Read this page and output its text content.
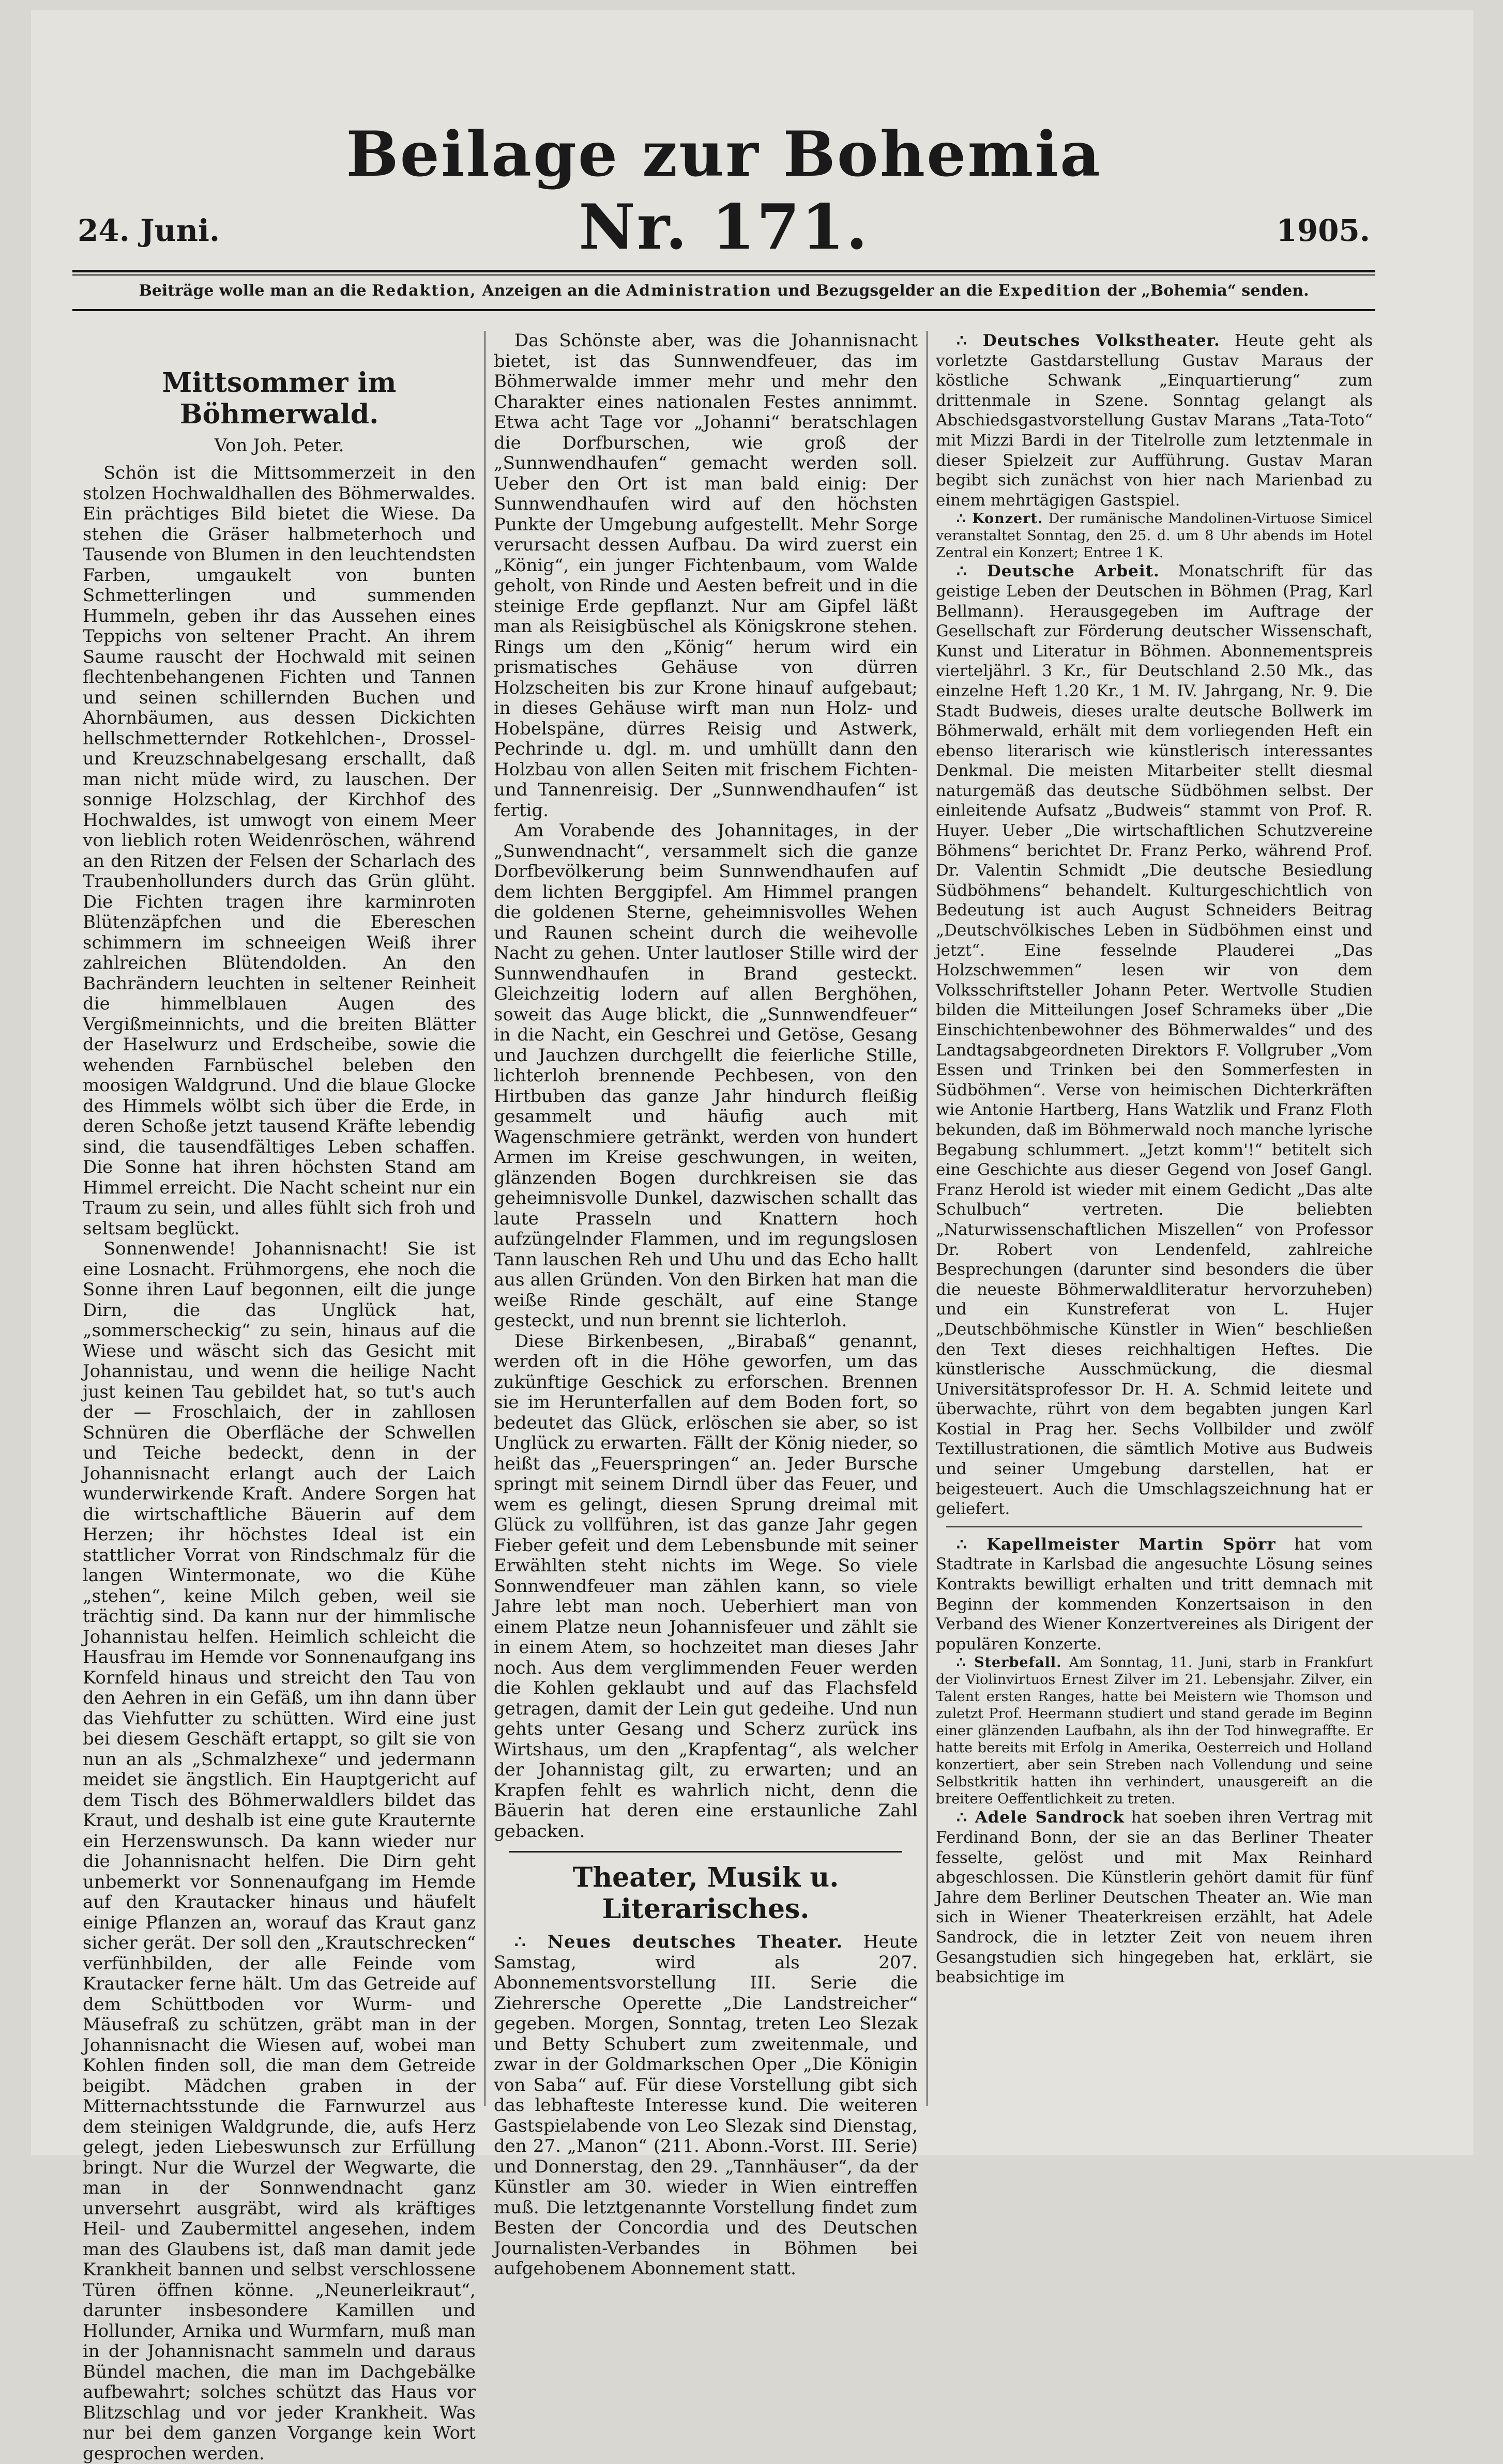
24. Juni.
Beilage zur Bohemia Nr. 171.	1905.
Beiträge wolle man an die Redaktion, Anzeigen an die Administration und Bezugsgelder an die Expedition der „Bohemia“ senden.
Mittsommer im Böhmerwald.
Von Joh. Peter.

Schön ist die Mittsommerzeit in den stolzen Hochwaldhallen des Böhmerwaldes. Ein prächtiges Bild bietet die Wiese. Da stehen die Gräser halbmeterhoch und Tausende von Blumen in den leuchtendsten Farben, umgaukelt von bunten Schmetterlingen und summenden Hummeln, geben ihr das Aussehen eines Teppichs von seltener Pracht. An ihrem Saume rauscht der Hochwald mit seinen flechtenbehangenen Fichten und Tannen und seinen schillernden Buchen und Ahornbäumen, aus dessen Dickichten hellschmetternder Rotkehlchen-, Drossel- und Kreuzschnabelgesang erschallt, daß man nicht müde wird, zu lauschen. Der sonnige Holzschlag, der Kirchhof des Hochwaldes, ist umwogt von einem Meer von lieblich roten Weidenröschen, während an den Ritzen der Felsen der Scharlach des Traubenhollunders durch das Grün glüht. Die Fichten tragen ihre karminroten Blütenzäpfchen und die Ebereschen schimmern im schneeigen Weiß ihrer zahlreichen Blütendolden. An den Bachrändern leuchten in seltener Reinheit die himmelblauen Augen des Vergißmeinnichts, und die breiten Blätter der Haselwurz und Erdscheibe, sowie die wehenden Farnbüschel beleben den moosigen Waldgrund. Und die blaue Glocke des Himmels wölbt sich über die Erde, in deren Schoße jetzt tausend Kräfte lebendig sind, die tausendfältiges Leben schaffen. Die Sonne hat ihren höchsten Stand am Himmel erreicht. Die Nacht scheint nur ein Traum zu sein, und alles fühlt sich froh und seltsam beglückt.

Sonnenwende! Johannisnacht! Sie ist eine Losnacht. Frühmorgens, ehe noch die Sonne ihren Lauf begonnen, eilt die junge Dirn, die das Unglück hat, „sommerscheckig“ zu sein, hinaus auf die Wiese und wäscht sich das Gesicht mit Johannistau, und wenn die heilige Nacht just keinen Tau gebildet hat, so tut's auch der — Froschlaich, der in zahllosen Schnüren die Oberfläche der Schwellen und Teiche bedeckt, denn in der Johannisnacht erlangt auch der Laich wunderwirkende Kraft. Andere Sorgen hat die wirtschaftliche Bäuerin auf dem Herzen; ihr höchstes Ideal ist ein stattlicher Vorrat von Rindschmalz für die langen Wintermonate, wo die Kühe „stehen“, keine Milch geben, weil sie trächtig sind. Da kann nur der himmlische Johannistau helfen. Heimlich schleicht die Hausfrau im Hemde vor Sonnenaufgang ins Kornfeld hinaus und streicht den Tau von den Aehren in ein Gefäß, um ihn dann über das Viehfutter zu schütten. Wird eine just bei diesem Geschäft ertappt, so gilt sie von nun an als „Schmalzhexe“ und jedermann meidet sie ängstlich. Ein Hauptgericht auf dem Tisch des Böhmerwaldlers bildet das Kraut, und deshalb ist eine gute Krauternte ein Herzenswunsch. Da kann wieder nur die Johannisnacht helfen. Die Dirn geht unbemerkt vor Sonnenaufgang im Hemde auf den Krautacker hinaus und häufelt einige Pflanzen an, worauf das Kraut ganz sicher gerät. Der soll den „Krautschrecken“ verfünhbilden, der alle Feinde vom Krautacker ferne hält. Um das Getreide auf dem Schüttboden vor Wurm- und Mäusefraß zu schützen, gräbt man in der Johannisnacht die Wiesen auf, wobei man Kohlen finden soll, die man dem Getreide beigibt. Mädchen graben in der Mitternachtsstunde die Farnwurzel aus dem steinigen Waldgrunde, die, aufs Herz gelegt, jeden Liebeswunsch zur Erfüllung bringt. Nur die Wurzel der Wegwarte, die man in der Sonnwendnacht ganz unversehrt ausgräbt, wird als kräftiges Heil- und Zaubermittel angesehen, indem man des Glaubens ist, daß man damit jede Krankheit bannen und selbst verschlossene Türen öffnen könne. „Neunerleikraut“, darunter insbesondere Kamillen und Hollunder, Arnika und Wurmfarn, muß man in der Johannisnacht sammeln und daraus Bündel machen, die man im Dachgebälke aufbewahrt; solches schützt das Haus vor Blitzschlag und vor jeder Krankheit. Was nur bei dem ganzen Vorgange kein Wort gesprochen werden.

Das Schönste aber, was die Johannisnacht bietet, ist das Sunnwendfeuer, das im Böhmerwalde immer mehr und mehr den Charakter eines nationalen Festes annimmt. Etwa acht Tage vor „Johanni“ beratschlagen die Dorfburschen, wie groß der „Sunnwendhaufen“ gemacht werden soll. Ueber den Ort ist man bald einig: Der Sunnwendhaufen wird auf den höchsten Punkte der Umgebung aufgestellt. Mehr Sorge verursacht dessen Aufbau. Da wird zuerst ein „König“, ein junger Fichtenbaum, vom Walde geholt, von Rinde und Aesten befreit und in die steinige Erde gepflanzt. Nur am Gipfel läßt man als Reisigbüschel als Königskrone stehen. Rings um den „König“ herum wird ein prismatisches Gehäuse von dürren Holzscheiten bis zur Krone hinauf aufgebaut; in dieses Gehäuse wirft man nun Holz- und Hobelspäne, dürres Reisig und Astwerk, Pechrinde u. dgl. m. und umhüllt dann den Holzbau von allen Seiten mit frischem Fichten- und Tannenreisig. Der „Sunnwendhaufen“ ist fertig.

Am Vorabende des Johannitages, in der „Sunwendnacht“, versammelt sich die ganze Dorfbevölkerung beim Sunnwendhaufen auf dem lichten Berggipfel. Am Himmel prangen die goldenen Sterne, geheimnisvolles Wehen und Raunen scheint durch die weihevolle Nacht zu gehen. Unter lautloser Stille wird der Sunnwendhaufen in Brand gesteckt. Gleichzeitig lodern auf allen Berghöhen, soweit das Auge blickt, die „Sunnwendfeuer“ in die Nacht, ein Geschrei und Getöse, Gesang und Jauchzen durchgellt die feierliche Stille, lichterloh brennende Pechbesen, von den Hirtbuben das ganze Jahr hindurch fleißig gesammelt und häufig auch mit Wagenschmiere getränkt, werden von hundert Armen im Kreise geschwungen, in weiten, glänzenden Bogen durchkreisen sie das geheimnisvolle Dunkel, dazwischen schallt das laute Prasseln und Knattern hoch aufzüngelnder Flammen, und im regungslosen Tann lauschen Reh und Uhu und das Echo hallt aus allen Gründen. Von den Birken hat man die weiße Rinde geschält, auf eine Stange gesteckt, und nun brennt sie lichterloh.

Diese Birkenbesen, „Birabaß“ genannt, werden oft in die Höhe geworfen, um das zukünftige Geschick zu erforschen. Brennen sie im Herunterfallen auf dem Boden fort, so bedeutet das Glück, erlöschen sie aber, so ist Unglück zu erwarten. Fällt der König nieder, so heißt das „Feuerspringen“ an. Jeder Bursche springt mit seinem Dirndl über das Feuer, und wem es gelingt, diesen Sprung dreimal mit Glück zu vollführen, ist das ganze Jahr gegen Fieber gefeit und dem Lebensbunde mit seiner Erwählten steht nichts im Wege. So viele Sonnwendfeuer man zählen kann, so viele Jahre lebt man noch. Ueberhiert man von einem Platze neun Johannisfeuer und zählt sie in einem Atem, so hochzeitet man dieses Jahr noch. Aus dem verglimmenden Feuer werden die Kohlen geklaubt und auf das Flachsfeld getragen, damit der Lein gut gedeihe. Und nun gehts unter Gesang und Scherz zurück ins Wirtshaus, um den „Krapfentag“, als welcher der Johannistag gilt, zu erwarten; und an Krapfen fehlt es wahrlich nicht, denn die Bäuerin hat deren eine erstaunliche Zahl gebacken.

Theater, Musik u. Literarisches.

∴ Neues deutsches Theater. Heute Samstag, wird als 207. Abonnementsvorstellung III. Serie die Ziehrersche Operette „Die Landstreicher“ gegeben. Morgen, Sonntag, treten Leo Slezak und Betty Schubert zum zweitenmale, und zwar in der Goldmarkschen Oper „Die Königin von Saba“ auf. Für diese Vorstellung gibt sich das lebhafteste Interesse kund. Die weiteren Gastspielabende von Leo Slezak sind Dienstag, den 27. „Manon“ (211. Abonn.-Vorst. III. Serie) und Donnerstag, den 29. „Tannhäuser“, da der Künstler am 30. wieder in Wien eintreffen muß. Die letztgenannte Vorstellung findet zum Besten der Concordia und des Deutschen Journalisten-Verbandes in Böhmen bei aufgehobenem Abonnement statt.

∴ Deutsches Volkstheater. Heute geht als vorletzte Gastdarstellung Gustav Maraus der köstliche Schwank „Einquartierung“ zum drittenmale in Szene. Sonntag gelangt als Abschiedsgastvorstellung Gustav Marans „Tata-Toto“ mit Mizzi Bardi in der Titelrolle zum letztenmale in dieser Spielzeit zur Aufführung. Gustav Maran begibt sich zunächst von hier nach Marienbad zu einem mehrtägigen Gastspiel.

∴ Konzert. Der rumänische Mandolinen-Virtuose Simicel veranstaltet Sonntag, den 25. d. um 8 Uhr abends im Hotel Zentral ein Konzert; Entree 1 K.

∴ Deutsche Arbeit. Monatschrift für das geistige Leben der Deutschen in Böhmen (Prag, Karl Bellmann). Herausgegeben im Auftrage der Gesellschaft zur Förderung deutscher Wissenschaft, Kunst und Literatur in Böhmen. Abonnementspreis vierteljährl. 3 Kr., für Deutschland 2.50 Mk., das einzelne Heft 1.20 Kr., 1 M. IV. Jahrgang, Nr. 9. Die Stadt Budweis, dieses uralte deutsche Bollwerk im Böhmerwald, erhält mit dem vorliegenden Heft ein ebenso literarisch wie künstlerisch interessantes Denkmal. Die meisten Mitarbeiter stellt diesmal naturgemäß das deutsche Südböhmen selbst. Der einleitende Aufsatz „Budweis“ stammt von Prof. R. Huyer. Ueber „Die wirtschaftlichen Schutzvereine Böhmens“ berichtet Dr. Franz Perko, während Prof. Dr. Valentin Schmidt „Die deutsche Besiedlung Südböhmens“ behandelt. Kulturgeschichtlich von Bedeutung ist auch August Schneiders Beitrag „Deutschvölkisches Leben in Südböhmen einst und jetzt“. Eine fesselnde Plauderei „Das Holzschwemmen“ lesen wir von dem Volksschriftsteller Johann Peter. Wertvolle Studien bilden die Mitteilungen Josef Schrameks über „Die Einschichtenbewohner des Böhmerwaldes“ und des Landtagsabgeordneten Direktors F. Vollgruber „Vom Essen und Trinken bei den Sommerfesten in Südböhmen“. Verse von heimischen Dichterkräften wie Antonie Hartberg, Hans Watzlik und Franz Floth bekunden, daß im Böhmerwald noch manche lyrische Begabung schlummert. „Jetzt komm'!“ betitelt sich eine Geschichte aus dieser Gegend von Josef Gangl. Franz Herold ist wieder mit einem Gedicht „Das alte Schulbuch“ vertreten. Die beliebten „Naturwissenschaftlichen Miszellen“ von Professor Dr. Robert von Lendenfeld, zahlreiche Besprechungen (darunter sind besonders die über die neueste Böhmerwaldliteratur hervorzuheben) und ein Kunstreferat von L. Hujer „Deutschböhmische Künstler in Wien“ beschließen den Text dieses reichhaltigen Heftes. Die künstlerische Ausschmückung, die diesmal Universitätsprofessor Dr. H. A. Schmid leitete und überwachte, rührt von dem begabten jungen Karl Kostial in Prag her. Sechs Vollbilder und zwölf Textillustrationen, die sämtlich Motive aus Budweis und seiner Umgebung darstellen, hat er beigesteuert. Auch die Umschlagszeichnung hat er geliefert.

∴ Kapellmeister Martin Spörr hat vom Stadtrate in Karlsbad die angesuchte Lösung seines Kontrakts bewilligt erhalten und tritt demnach mit Beginn der kommenden Konzertsaison in den Verband des Wiener Konzertvereines als Dirigent der populären Konzerte.

∴ Sterbefall. Am Sonntag, 11. Juni, starb in Frankfurt der Violinvirtuos Ernest Zilver im 21. Lebensjahr. Zilver, ein Talent ersten Ranges, hatte bei Meistern wie Thomson und zuletzt Prof. Heermann studiert und stand gerade im Beginn einer glänzenden Laufbahn, als ihn der Tod hinwegraffte. Er hatte bereits mit Erfolg in Amerika, Oesterreich und Holland konzertiert, aber sein Streben nach Vollendung und seine Selbstkritik hatten ihn verhindert, unausgereift an die breitere Oeffentlichkeit zu treten.

∴ Adele Sandrock hat soeben ihren Vertrag mit Ferdinand Bonn, der sie an das Berliner Theater fesselte, gelöst und mit Max Reinhard abgeschlossen. Die Künstlerin gehört damit für fünf Jahre dem Berliner Deutschen Theater an. Wie man sich in Wiener Theaterkreisen erzählt, hat Adele Sandrock, die in letzter Zeit von neuem ihren Gesangstudien sich hingegeben hat, erklärt, sie beabsichtige im
